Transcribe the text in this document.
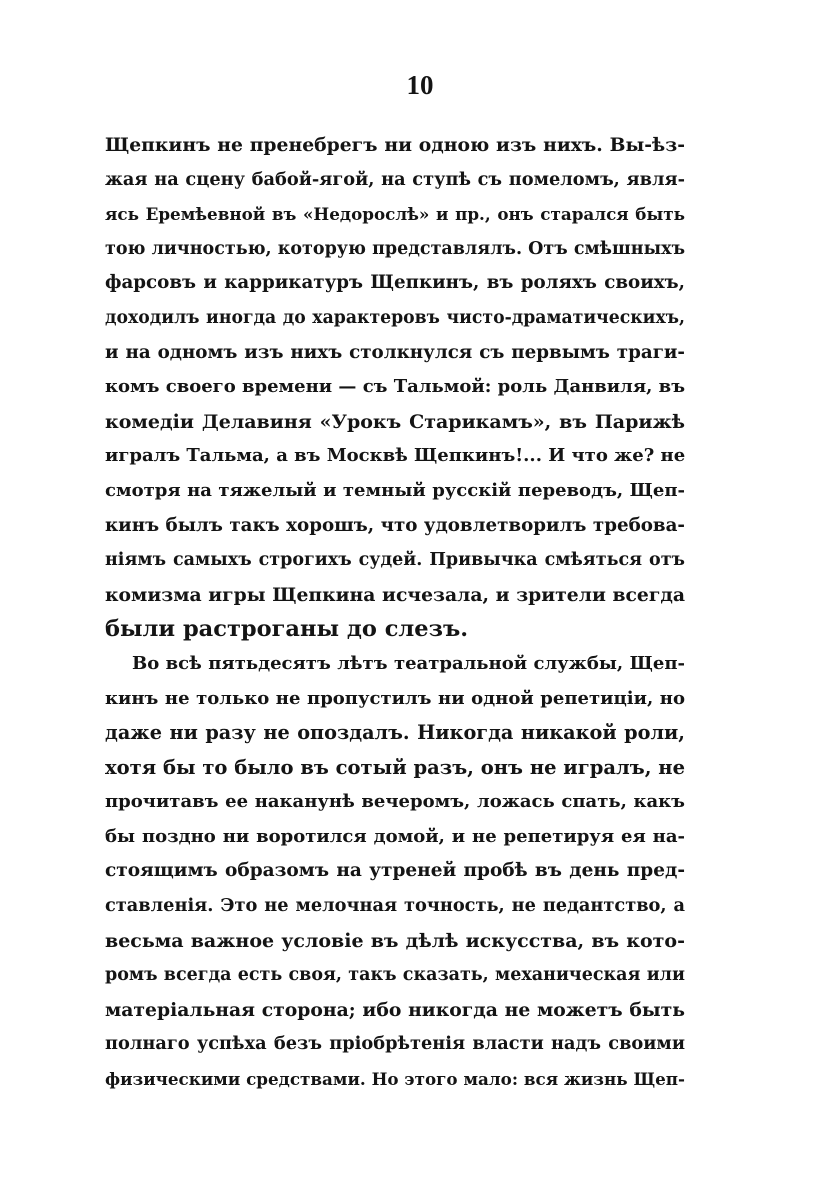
10
Щепкинъ не пренебрегъ ни одною изъ нихъ. Вы-ѣз-
жая на сцену бабой-ягой, на ступѣ съ помеломъ, явля-
ясь Еремѣевной въ «Недорослѣ» и пр., онъ старался быть
тою личностью, которую представлялъ. Отъ смѣшныхъ
фарсовъ и каррикатуръ Щепкинъ, въ роляхъ своихъ,
доходилъ иногда до характеровъ чисто-драматическихъ,
и на одномъ изъ нихъ столкнулся съ первымъ траги-
комъ своего времени — съ Тальмой: роль Данвиля, въ
комедіи Делавиня «Урокъ Старикамъ», въ Парижѣ
игралъ Тальма, а въ Москвѣ Щепкинъ!... И что же? не
смотря на тяжелый и темный русскій переводъ, Щеп-
кинъ былъ такъ хорошъ, что удовлетворилъ требова-
ніямъ самыхъ строгихъ судей. Привычка смѣяться отъ
комизма игры Щепкина исчезала, и зрители всегда
были растроганы до слезъ.
Во всѣ пятьдесятъ лѣтъ театральной службы, Щеп-
кинъ не только не пропустилъ ни одной репетиціи, но
даже ни разу не опоздалъ. Никогда никакой роли,
хотя бы то было въ сотый разъ, онъ не игралъ, не
прочитавъ ее наканунѣ вечеромъ, ложась спать, какъ
бы поздно ни воротился домой, и не репетируя ея на-
стоящимъ образомъ на утреней пробѣ въ день пред-
ставленія. Это не мелочная точность, не педантство, а
весьма важное условіе въ дѣлѣ искусства, въ кото-
ромъ всегда есть своя, такъ сказать, механическая или
матеріальная сторона; ибо никогда не можетъ быть
полнаго успѣха безъ пріобрѣтенія власти надъ своими
физическими средствами. Но этого мало: вся жизнь Щеп-
